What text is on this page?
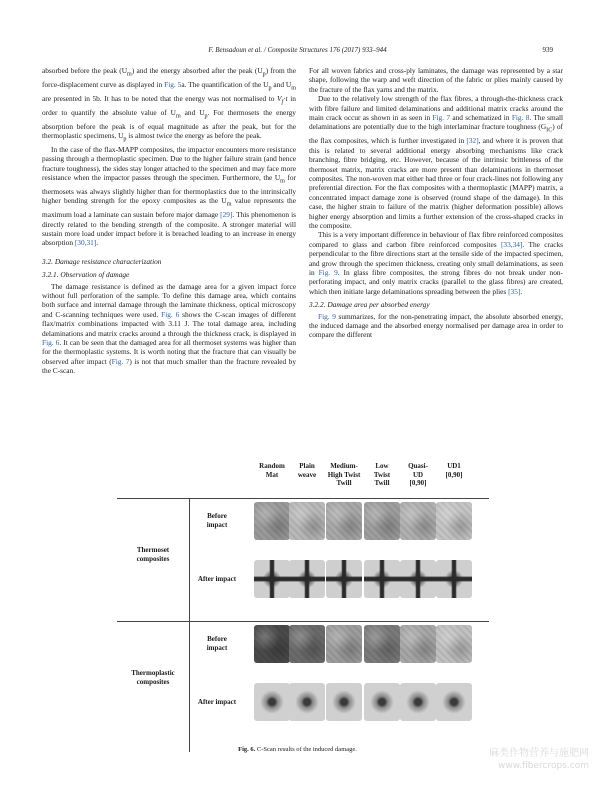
F. Bensadoun et al. / Composite Structures 176 (2017) 933–944	939

absorbed before the peak $(U_m)$ and the energy absorbed after the peak $(U_p)$ from the force-displacement curve as displayed in Fig. 5a. The quantification of the $U_p$ and $U_m$ are presented in 5b. It has to be noted that the energy was not normalised to $V_f\cdot t$ in order to quantify the absolute value of $U_m$ and $U_p$. For thermosets the energy absorption before the peak is of equal magnitude as after the peak, but for the thermoplastic specimens, $U_p$ is almost twice the energy as before the peak.

In the case of the flax-MAPP composites, the impactor encounters more resistance passing through a thermoplastic specimen. Due to the higher failure strain (and hence fracture toughness), the sides stay longer attached to the specimen and may face more resistance when the impactor passes through the specimen. Furthermore, the $U_m$ for thermosets was always slightly higher than for thermoplastics due to the intrinsically higher bending strength for the epoxy composites as the $U_m$ value represents the maximum load a laminate can sustain before major damage [29]. This phenomenon is directly related to the bending strength of the composite. A stronger material will sustain more load under impact before it is breached leading to an increase in energy absorption [30,31].

3.2. Damage resistance characterization
3.2.1. Observation of damage

The damage resistance is defined as the damage area for a given impact force without full perforation of the sample. To define this damage area, which contains both surface and internal damage through the laminate thickness, optical microscopy and C-scanning techniques were used. Fig. 6 shows the C-scan images of different flax/matrix combinations impacted with 3.11 J. The total damage area, including delaminations and matrix cracks around a through the thickness crack, is displayed in Fig. 6. It can be seen that the damaged area for all thermoset systems was higher than for the thermoplastic systems. It is worth noting that the fracture that can visually be observed after impact (Fig. 7) is not that much smaller than the fracture revealed by the C-scan.

For all woven fabrics and cross-ply laminates, the damage was represented by a star shape, following the warp and weft direction of the fabric or plies mainly caused by the fracture of the flax yarns and the matrix.

Due to the relatively low strength of the flax fibres, a through-the-thickness crack with fibre failure and limited delaminations and additional matrix cracks around the main crack occur as shown in as seen in Fig. 7 and schematized in Fig. 8. The small delaminations are potentially due to the high interlaminar fracture toughness $(G_{IC})$ of the flax composites, which is further investigated in [32], and where it is proven that this is related to several additional energy absorbing mechanisms like crack branching, fibre bridging, etc. However, because of the intrinsic brittleness of the thermoset matrix, matrix cracks are more present than delaminations in thermoset composites. The non-woven mat either had three or four crack-lines not following any preferential direction. For the flax composites with a thermoplastic (MAPP) matrix, a concentrated impact damage zone is observed (round shape of the damage). In this case, the higher strain to failure of the matrix (higher deformation possible) allows higher energy absorption and limits a further extension of the cross-shaped cracks in the composite.

This is a very important difference in behaviour of flax fibre reinforced composites compared to glass and carbon fibre reinforced composites [33,34]. The cracks perpendicular to the fibre directions start at the tensile side of the impacted specimen, and grow through the specimen thickness, creating only small delaminations, as seen in Fig. 9. In glass fibre composites, the strong fibres do not break under non-perforating impact, and only matrix cracks (parallel to the glass fibres) are created, which then initiate large delaminations spreading between the plies [35].

3.2.2. Damage area per absorbed energy

Fig. 9 summarizes, for the non-penetrating impact, the absolute absorbed energy, the induced damage and the absorbed energy normalised per damage area in order to compare the different

Random
Mat
Plain
weave
Medium-
High Twist
Twill
Low
Twist
Twill
Quasi-
UD
[0,90]
UD1
[0,90]
Thermoset
composites
Before
impact
After impact
Thermoplastic
composites
Before
impact
After impact
Fig. 6. C-Scan results of the induced damage.	麻类作物营养与施肥网
www.fibercrops.com
